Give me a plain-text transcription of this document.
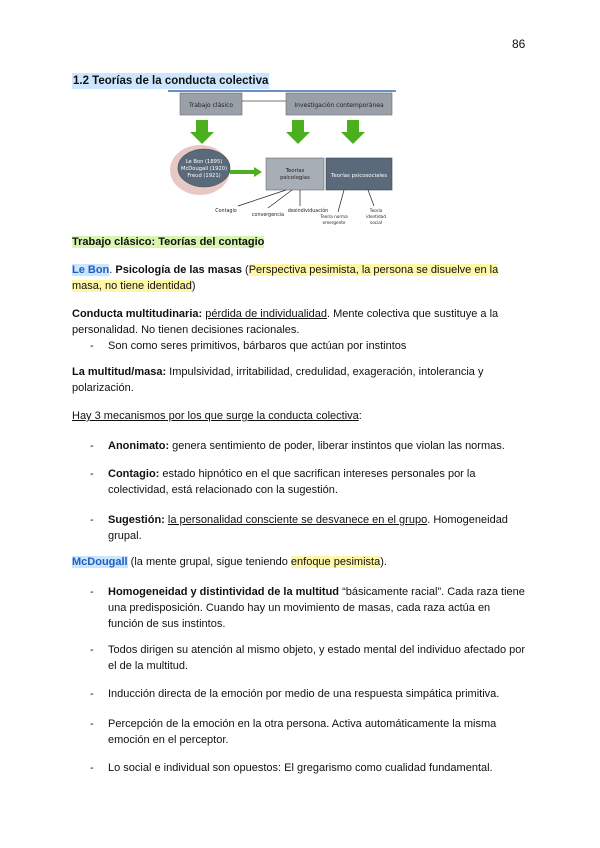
86
1.2 Teorías de la conducta colectiva
Trabajo clásico	Investigación contemporánea
Le Bon (1895)
McDougall (1920)
Freud (1921)
Teorías
psicologías	Teorías psicosociales
Contagio
convergencia
desindividuación
Teoría norma
emergente
Teoría
identidad
social
Trabajo clásico: Teorías del contagio
Le Bon. Psicología de las masas (Perspectiva pesimista, la persona se disuelve en la masa, no tiene identidad)
Conducta multitudinaria: pérdida de individualidad. Mente colectiva que sustituye a la personalidad. No tienen decisiones racionales.
- Son como seres primitivos, bárbaros que actúan por instintos
La multitud/masa: Impulsividad, irritabilidad, credulidad, exageración, intolerancia y polarización.
Hay 3 mecanismos por los que surge la conducta colectiva:
- Anonimato: genera sentimiento de poder, liberar instintos que violan las normas.
- Contagio: estado hipnótico en el que sacrifican intereses personales por la colectividad, está relacionado con la sugestión.
- Sugestión: la personalidad consciente se desvanece en el grupo. Homogeneidad grupal.
McDougall (la mente grupal, sigue teniendo enfoque pesimista).
- Homogeneidad y distintividad de la multitud “básicamente racial”. Cada raza tiene una predisposición. Cuando hay un movimiento de masas, cada raza actúa en función de sus instintos.
- Todos dirigen su atención al mismo objeto, y estado mental del individuo afectado por el de la multitud.
- Inducción directa de la emoción por medio de una respuesta simpática primitiva.
- Percepción de la emoción en la otra persona. Activa automáticamente la misma emoción en el perceptor.
- Lo social e individual son opuestos: El gregarismo como cualidad fundamental.
